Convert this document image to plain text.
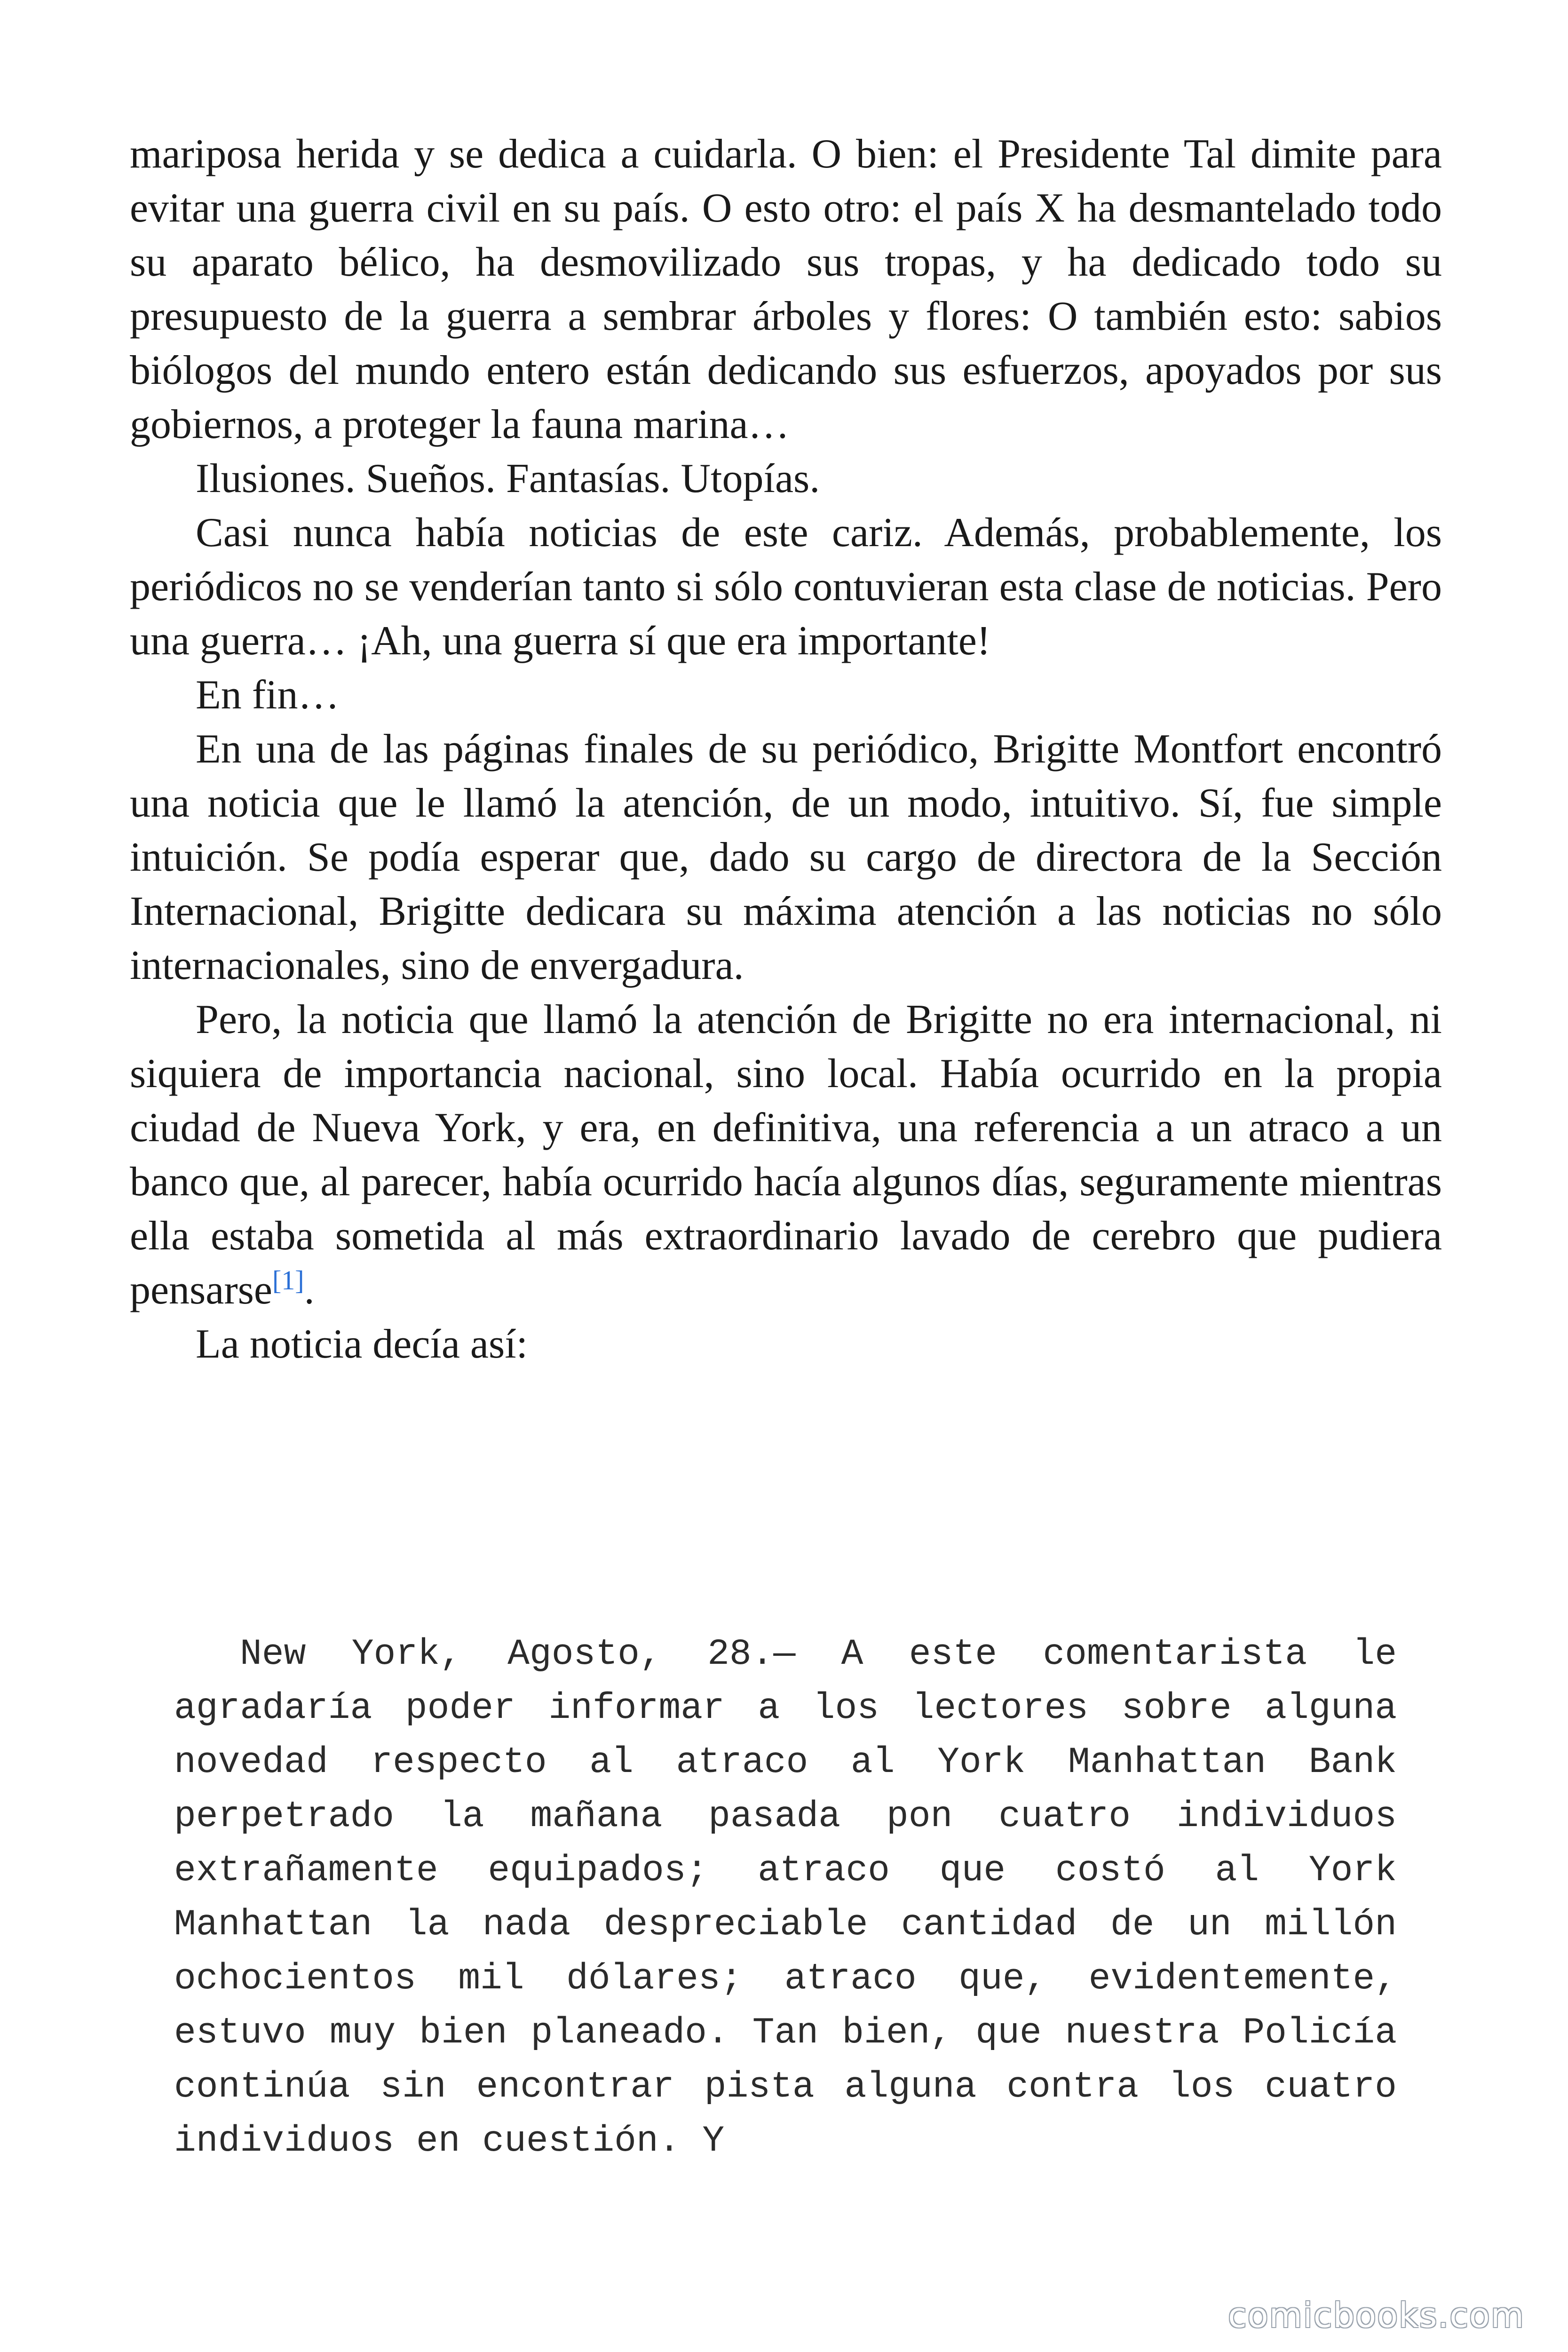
mariposa herida y se dedica a cuidarla. O bien: el Presidente Tal dimite para evitar una guerra civil en su país. O esto otro: el país X ha desmantelado todo su aparato bélico, ha desmovilizado sus tropas, y ha dedicado todo su presupuesto de la guerra a sembrar árboles y flores: O también esto: sabios biólogos del mundo entero están dedicando sus esfuerzos, apoyados por sus gobiernos, a proteger la fauna marina…

Ilusiones. Sueños. Fantasías. Utopías.

Casi nunca había noticias de este cariz. Además, probablemente, los periódicos no se venderían tanto si sólo contuvieran esta clase de noticias. Pero una guerra… ¡Ah, una guerra sí que era importante!

En fin…

En una de las páginas finales de su periódico, Brigitte Montfort encontró una noticia que le llamó la atención, de un modo, intuitivo. Sí, fue simple intuición. Se podía esperar que, dado su cargo de directora de la Sección Internacional, Brigitte dedicara su máxima atención a las noticias no sólo internacionales, sino de envergadura.

Pero, la noticia que llamó la atención de Brigitte no era internacional, ni siquiera de importancia nacional, sino local. Había ocurrido en la propia ciudad de Nueva York, y era, en definitiva, una referencia a un atraco a un banco que, al parecer, había ocurrido hacía algunos días, seguramente mientras ella estaba sometida al más extraordinario lavado de cerebro que pudiera pensarse[1].

La noticia decía así:

New York, Agosto, 28.— A este comentarista le agradaría poder informar a los lectores sobre alguna novedad respecto al atraco al York Manhattan Bank perpetrado la mañana pasada pon cuatro individuos extrañamente equipados; atraco que costó al York Manhattan la nada despreciable cantidad de un millón ochocientos mil dólares; atraco que, evidentemente, estuvo muy bien planeado. Tan bien, que nuestra Policía continúa sin encontrar pista alguna contra los cuatro individuos en cuestión. Y

comicbooks.com
